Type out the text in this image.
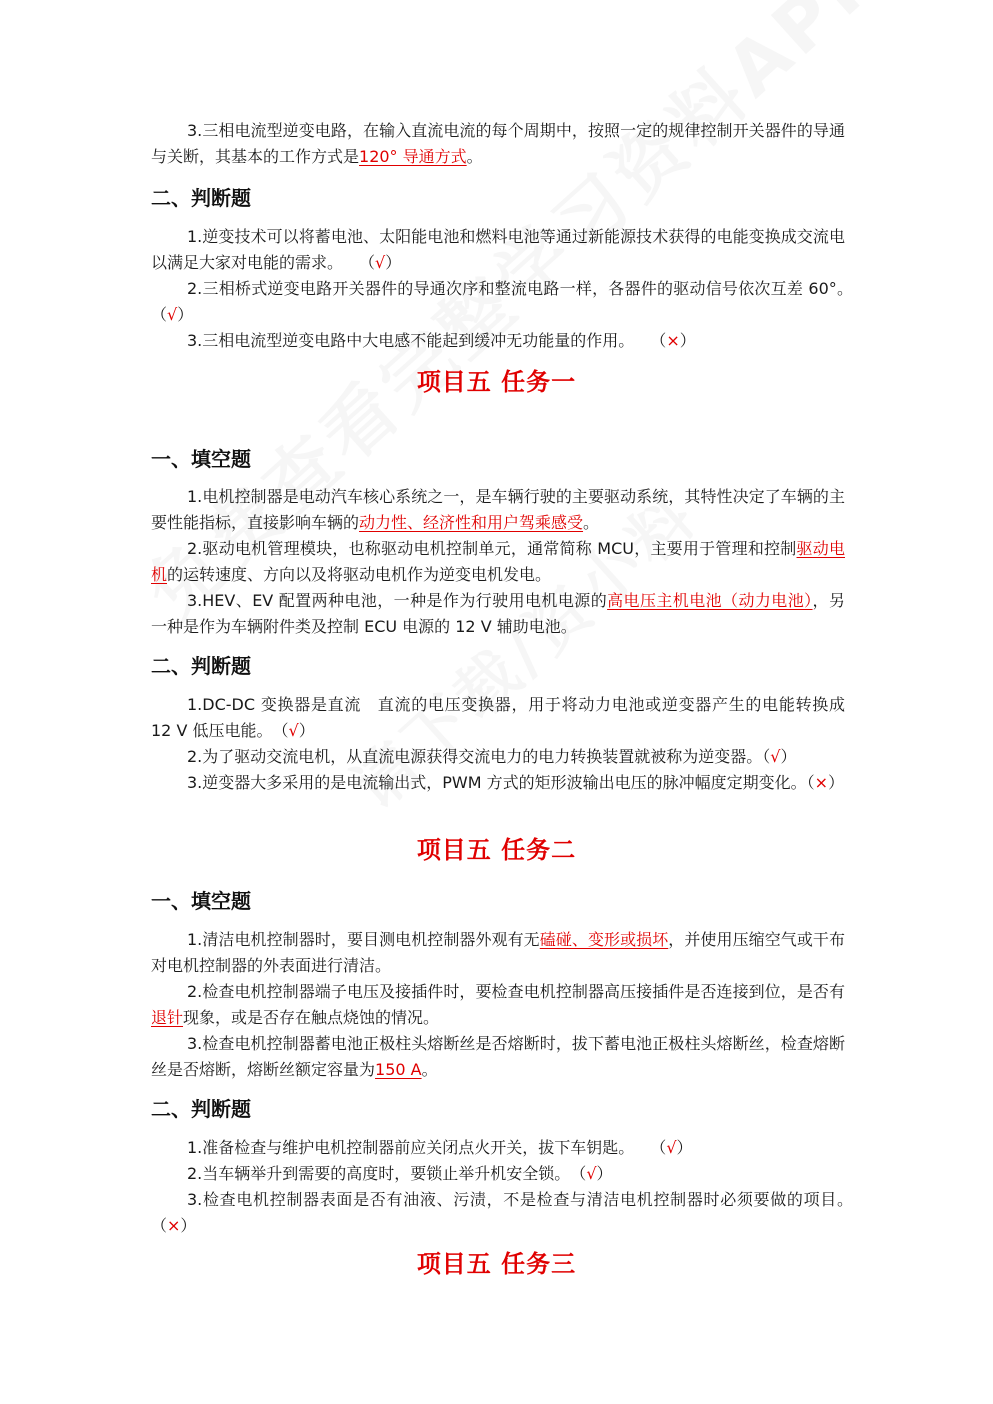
3.三相电流型逆变电路，在输入直流电流的每个周期中，按照一定的规律控制开关器件的导通与关断，其基本的工作方式是120° 导通方式。

二、判断题

1.逆变技术可以将蓄电池、太阳能电池和燃料电池等通过新能源技术获得的电能变换成交流电以满足大家对电能的需求。　　 （√）

2.三相桥式逆变电路开关器件的导通次序和整流电路一样，各器件的驱动信号依次互差 60°。　（√）

3.三相电流型逆变电路中大电感不能起到缓冲无功能量的作用。　　 （×）

项目五 任务一
一、填空题

1.电机控制器是电动汽车核心系统之一，是车辆行驶的主要驱动系统，其特性决定了车辆的主要性能指标，直接影响车辆的动力性、经济性和用户驾乘感受。

2.驱动电机管理模块，也称驱动电机控制单元，通常简称 MCU，主要用于管理和控制驱动电机的运转速度、方向以及将驱动电机作为逆变电机发电。

3.HEV、EV 配置两种电池，一种是作为行驶用电机电源的高电压主机电池（动力电池），另一种是作为车辆附件类及控制 ECU 电源的 12 V 辅助电池。

二、判断题

1.DC-DC 变换器是直流　直流的电压变换器，用于将动力电池或逆变器产生的电能转换成 12 V 低压电能。　 （√）

2.为了驱动交流电机，从直流电源获得交流电力的电力转换装置就被称为逆变器。（√）

3.逆变器大多采用的是电流输出式，PWM 方式的矩形波输出电压的脉冲幅度定期变化。（×）

项目五 任务二
一、填空题

1.清洁电机控制器时，要目测电机控制器外观有无磕碰、变形或损坏，并使用压缩空气或干布对电机控制器的外表面进行清洁。

2.检查电机控制器端子电压及接插件时，要检查电机控制器高压接插件是否连接到位，是否有退针现象，或是否存在触点烧蚀的情况。

3.检查电机控制器蓄电池正极柱头熔断丝是否熔断时，拔下蓄电池正极柱头熔断丝，检查熔断丝是否熔断，熔断丝额定容量为150 A。

二、判断题

1.准备检查与维护电机控制器前应关闭点火开关，拔下车钥匙。　　 （√）

2.当车辆举升到需要的高度时，要锁止举升机安全锁。　 （√）

3.检查电机控制器表面是否有油液、污渍，不是检查与清洁电机控制器时必须要做的项目。　（×）

项目五 任务三
